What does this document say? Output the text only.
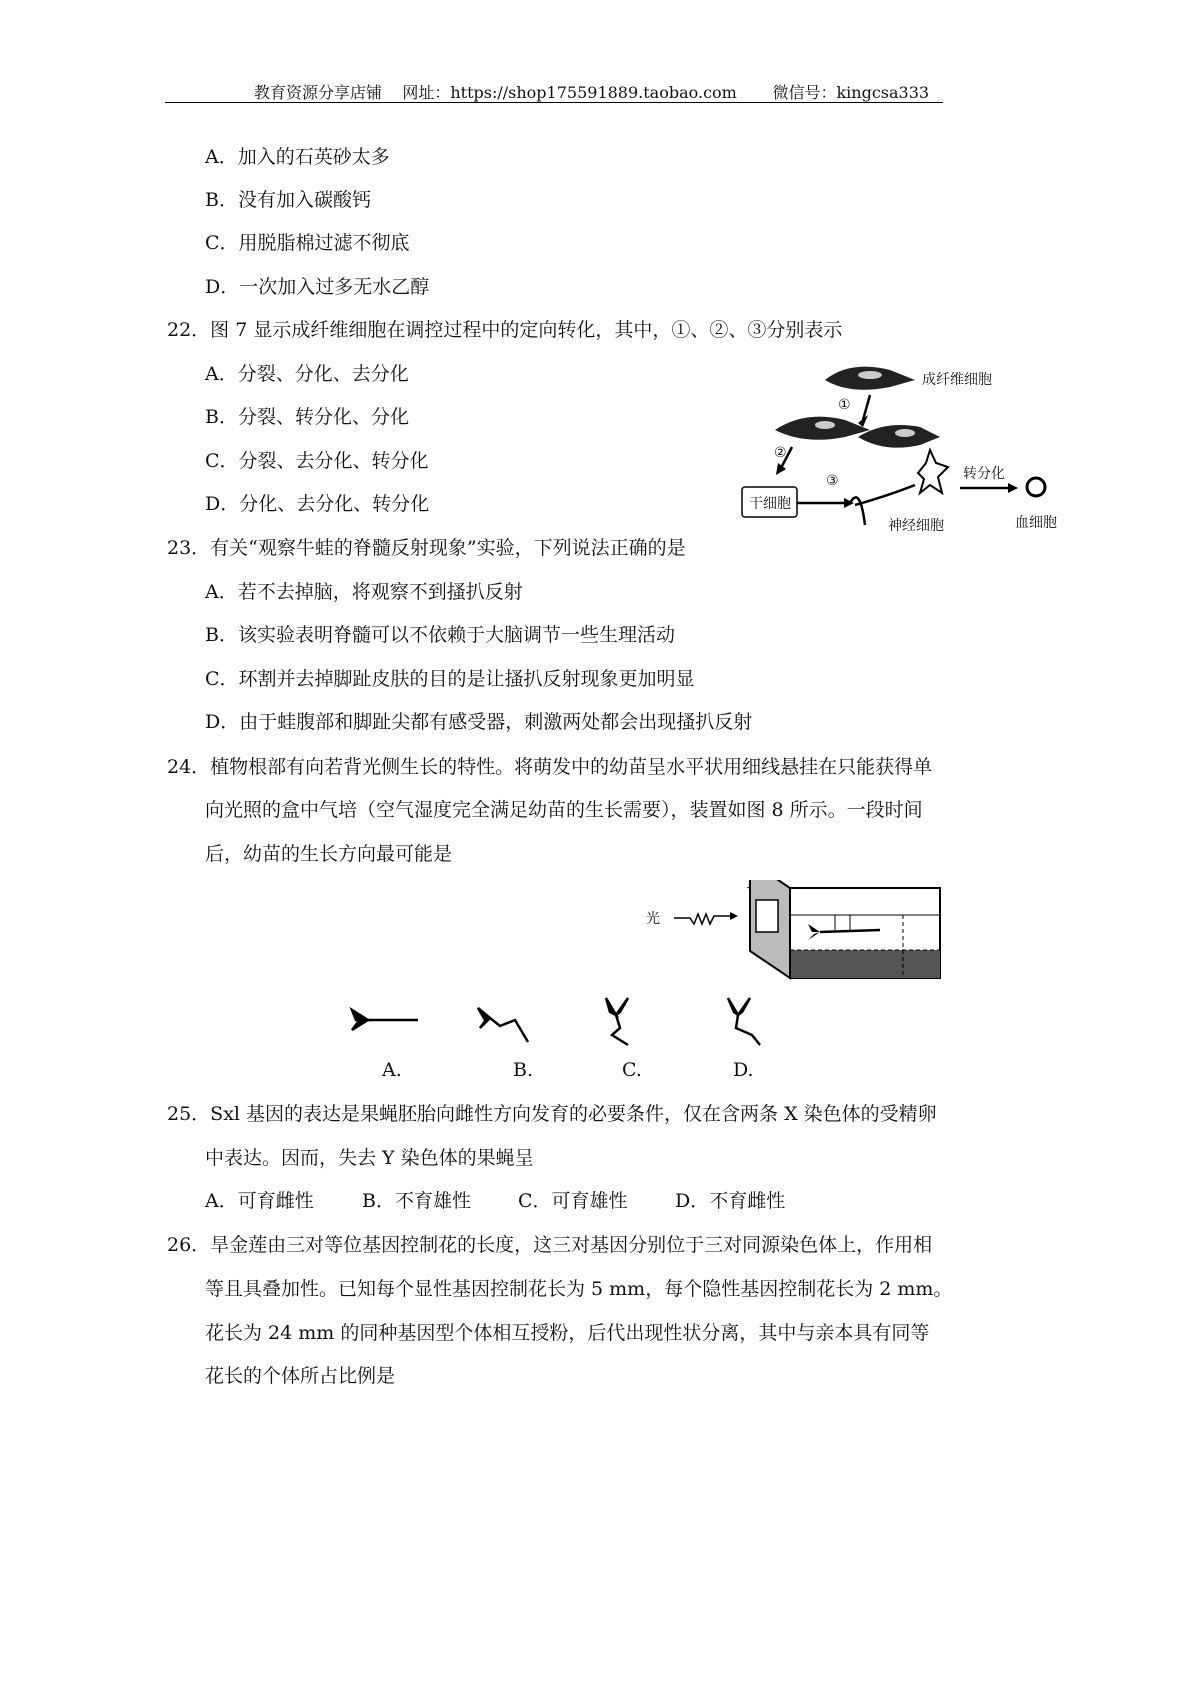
教育资源分享店铺 网址：https://shop175591889.taobao.com 微信号：kingcsa333
A．加入的石英砂太多
B．没有加入碳酸钙
C．用脱脂棉过滤不彻底
D．一次加入过多无水乙醇
22．图 7 显示成纤维细胞在调控过程中的定向转化，其中，①、②、③分别表示
A．分裂、分化、去分化
B．分裂、转分化、分化
C．分裂、去分化、转分化
D．分化、去分化、转分化
成纤维细胞
①
②
③
干细胞
神经细胞
转分化
血细胞
23．有关“观察牛蛙的脊髓反射现象”实验，下列说法正确的是
A．若不去掉脑，将观察不到搔扒反射
B．该实验表明脊髓可以不依赖于大脑调节一些生理活动
C．环割并去掉脚趾皮肤的目的是让搔扒反射现象更加明显
D．由于蛙腹部和脚趾尖都有感受器，刺激两处都会出现搔扒反射
24．植物根部有向若背光侧生长的特性。将萌发中的幼苗呈水平状用细线悬挂在只能获得单
向光照的盒中气培（空气湿度完全满足幼苗的生长需要），装置如图 8 所示。一段时间
后，幼苗的生长方向最可能是
光
A.	B.	C.	D.
25．Sxl 基因的表达是果蝇胚胎向雌性方向发育的必要条件，仅在含两条 X 染色体的受精卵
中表达。因而，失去 Y 染色体的果蝇呈
A．可育雌性	B．不育雄性 C．可育雄性 D．不育雌性
26．旱金莲由三对等位基因控制花的长度，这三对基因分别位于三对同源染色体上，作用相
等且具叠加性。已知每个显性基因控制花长为 5 mm，每个隐性基因控制花长为 2 mm。
花长为 24 mm 的同种基因型个体相互授粉，后代出现性状分离，其中与亲本具有同等
花长的个体所占比例是
